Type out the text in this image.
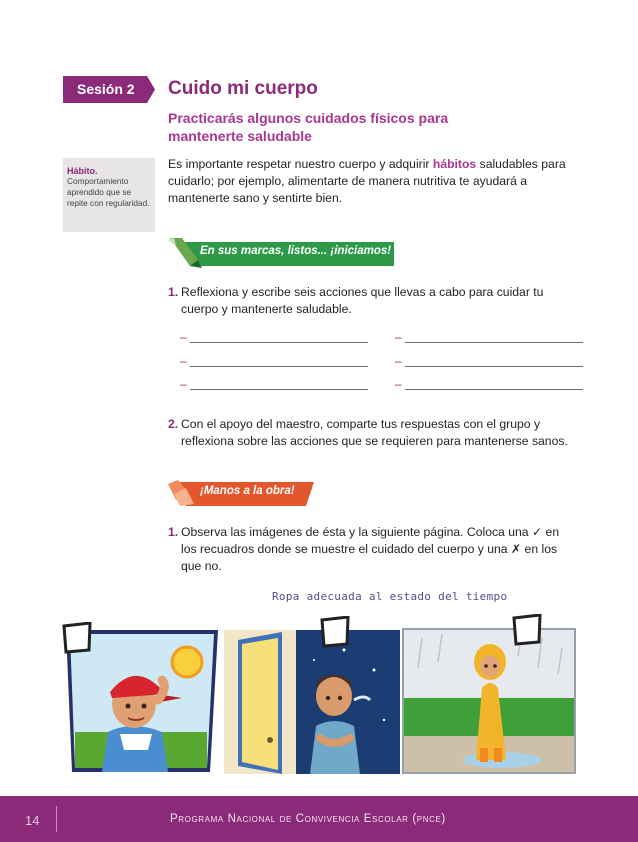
Sesión 2 Cuido mi cuerpo
Practicarás algunos cuidados físicos para mantenerte saludable
Hábito.
Comportamiento aprendido que se repite con regularidad.
Es importante respetar nuestro cuerpo y adquirir hábitos saludables para cuidarlo; por ejemplo, alimentarte de manera nutritiva te ayudará a mantenerte sano y sentirte bien.
En sus marcas, listos... ¡iniciamos!
1. Reflexiona y escribe seis acciones que llevas a cabo para cuidar tu cuerpo y mantenerte saludable.
–	–
–	–
–	–
2. Con el apoyo del maestro, comparte tus respuestas con el grupo y reflexiona sobre las acciones que se requieren para mantenerse sanos.
¡Manos a la obra!
1. Observa las imágenes de ésta y la siguiente página. Coloca una ✓ en los recuadros donde se muestre el cuidado del cuerpo y una ✗ en los que no.
Ropa adecuada al estado del tiempo
14	Programa Nacional de Convivencia Escolar (pnce)
